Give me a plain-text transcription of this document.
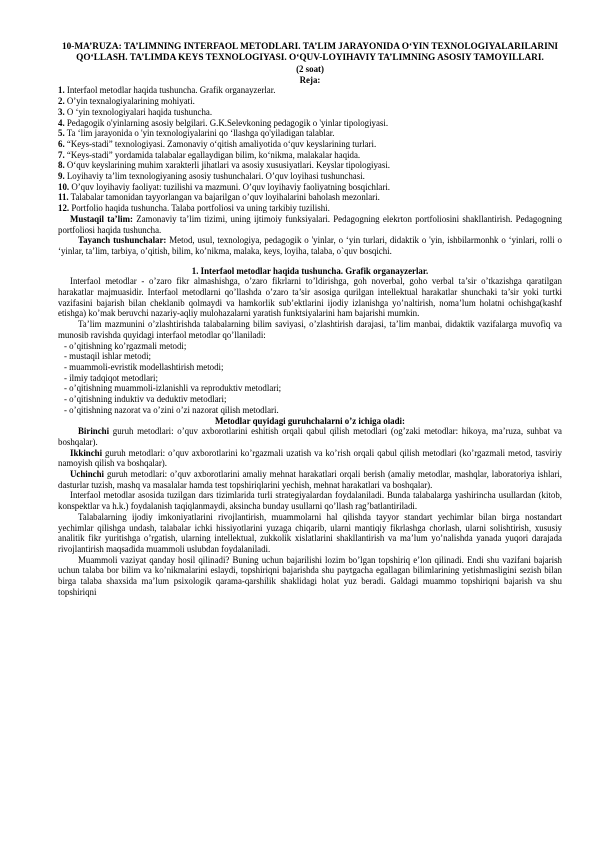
10-MA’RUZA: TA’LIMNING INTERFAOL METODLARI. TA’LIM JARAYONIDA O‘YIN TEXNOLOGIYALARILARINI QO‘LLASH. TA’LIMDA KEYS TEXNOLOGIYASI. O‘QUV-LOYIHAVIY TA’LIMNING ASOSIY TAMOYILLARI.

(2 soat)

Reja:

1. Interfaol metodlar haqida tushuncha. Grafik organayzerlar.

2. O’yin texnalogiyalarining mohiyati.

3. O ‘yin texnologiyalari haqida tushuncha.

4. Pedagogik o'yinlarning asosiy belgilari. G.K.Selevkoning pedagogik o 'yinlar tipologiyasi.

5. Ta ‘lim jarayonida o 'yin texnologiyalarini qo ‘llashga qo'yiladigan talablar.

6. “Keys-stadi” texnologiyasi. Zamonaviy o‘qitish amaliyotida o‘quv keyslarining turlari.

7. “Keys-stadi” yordamida talabalar egallaydigan bilim, ko‘nikma, malakalar haqida.

8. O‘quv keyslarining muhim xarakterli jihatlari va asosiy xususiyatlari. Keyslar tipologiyasi.

9. Loyihaviy ta’lim texnologiyaning asosiy tushunchalari. O’quv loyihasi tushunchasi.

10. O’quv loyihaviy faoliyat: tuzilishi va mazmuni. O’quv loyihaviy faoliyatning bosqichlari.

11. Talabalar tamonidan tayyorlangan va bajarilgan o’quv loyihalarini baholash mezonlari.

12. Portfolio haqida tushuncha. Talaba portfoliosi va uning tarkibiy tuzilishi.

Mustaqil ta’lim: Zamonaviy ta’lim tizimi, uning ijtimoiy funksiyalari. Pedagogning elekrton portfoliosini shakllantirish. Pedagogning portfoliosi haqida tushuncha.

Tayanch tushunchalar: Metod, usul, texnologiya, pedagogik o 'yinlar, o ‘yin turlari, didaktik o 'yin, ishbilarmonhk o ‘yinlari, rolli o ‘yinlar, ta’lim, tarbiya, o’qitish, bilim, ko’nikma, malaka, keys, loyiha, talaba, o`quv bosqichi.

1. Interfaol metodlar haqida tushuncha. Grafik organayzerlar.

Interfaol metodlar - o’zaro fikr almashishga, o’zaro fikrlarni to’ldirishga, goh noverbal, goho verbal ta’sir o’tkazishga qaratilgan harakatlar majmuasidir. Interfaol metodlarni qo’llashda o’zaro ta’sir asosiga qurilgan intellektual harakatlar shunchaki ta’sir yoki turtki vazifasini bajarish bilan cheklanib qolmaydi va hamkorlik sub’ektlarini ijodiy izlanishga yo’naltirish, noma’lum holatni ochishga(kashf etishga) ko’mak beruvchi nazariy-aqliy mulohazalarni yaratish funktsiyalarini ham bajarishi mumkin.

Ta’lim mazmunini o’zlashtirishda talabalarning bilim saviyasi, o’zlashtirish darajasi, ta’lim manbai, didaktik vazifalarga muvofiq va munosib ravishda quyidagi interfaol metodlar qo’llaniladi:

- o’qitishning ko’rgazmali metodi;

- mustaqil ishlar metodi;

- muammoli-evristik modellashtirish metodi;

- ilmiy tadqiqot metodlari;

- o’qitishning muammoli-izlanishli va reproduktiv metodlari;

- o’qitishning induktiv va deduktiv metodlari;

- o’qitishning nazorat va o’zini o’zi nazorat qilish metodlari.

Metodlar quyidagi guruhchalarni o’z ichiga oladi:

Birinchi guruh metodlari: o’quv axborotlarini eshitish orqali qabul qilish metodlari (og’zaki metodlar: hikoya, ma’ruza, suhbat va boshqalar).

Ikkinchi guruh metodlari: o’quv axborotlarini ko’rgazmali uzatish va ko’rish orqali qabul qilish metodlari (ko’rgazmali metod, tasviriy namoyish qilish va boshqalar).

Uchinchi guruh metodlari: o’quv axborotlarini amaliy mehnat harakatlari orqali berish (amaliy metodlar, mashqlar, laboratoriya ishlari, dasturlar tuzish, mashq va masalalar hamda test topshiriqlarini yechish, mehnat harakatlari va boshqalar).

Interfaol metodlar asosida tuzilgan dars tizimlarida turli strategiyalardan foydalaniladi. Bunda talabalarga yashirincha usullardan (kitob, konspektlar va h.k.) foydalanish taqiqlanmaydi, aksincha bunday usullarni qo’llash rag’batlantiriladi.

Talabalarning ijodiy imkoniyatlarini rivojlantirish, muammolarni hal qilishda tayyor standart yechimlar bilan birga nostandart yechimlar qilishga undash, talabalar ichki hissiyotlarini yuzaga chiqarib, ularni mantiqiy fikrlashga chorlash, ularni solishtirish, xususiy analitik fikr yuritishga o’rgatish, ularning intellektual, zukkolik xislatlarini shakllantirish va ma’lum yo’nalishda yanada yuqori darajada rivojlantirish maqsadida muammoli uslubdan foydalaniladi.

Muammoli vaziyat qanday hosil qilinadi? Buning uchun bajarilishi lozim bo’lgan topshiriq e’lon qilinadi. Endi shu vazifani bajarish uchun talaba bor bilim va ko’nikmalarini eslaydi, topshiriqni bajarishda shu paytgacha egallagan bilimlarining yetishmasligini sezish bilan birga talaba shaxsida ma’lum psixologik qarama-qarshilik shaklidagi holat yuz beradi. Galdagi muammo topshiriqni bajarish va shu topshiriqni
